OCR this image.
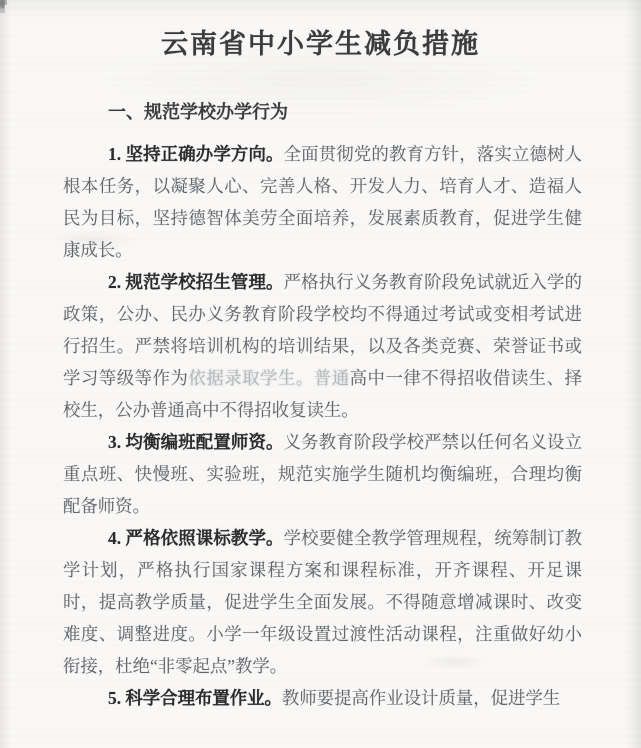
云南省中小学生减负措施
一、规范学校办学行为

1. 坚持正确办学方向。全面贯彻党的教育方针，落实立德树人根本任务，以凝聚人心、完善人格、开发人力、培育人才、造福人民为目标，坚持德智体美劳全面培养，发展素质教育，促进学生健康成长。

2. 规范学校招生管理。严格执行义务教育阶段免试就近入学的政策，公办、民办义务教育阶段学校均不得通过考试或变相考试进行招生。严禁将培训机构的培训结果，以及各类竞赛、荣誉证书或学习等级等作为依据录取学生。普通高中一律不得招收借读生、择校生，公办普通高中不得招收复读生。

3. 均衡编班配置师资。义务教育阶段学校严禁以任何名义设立重点班、快慢班、实验班，规范实施学生随机均衡编班，合理均衡配备师资。

4. 严格依照课标教学。学校要健全教学管理规程，统筹制订教学计划，严格执行国家课程方案和课程标准，开齐课程、开足课时，提高教学质量，促进学生全面发展。不得随意增减课时、改变难度、调整进度。小学一年级设置过渡性活动课程，注重做好幼小衔接，杜绝“非零起点”教学。

5. 科学合理布置作业。教师要提高作业设计质量，促进学生
